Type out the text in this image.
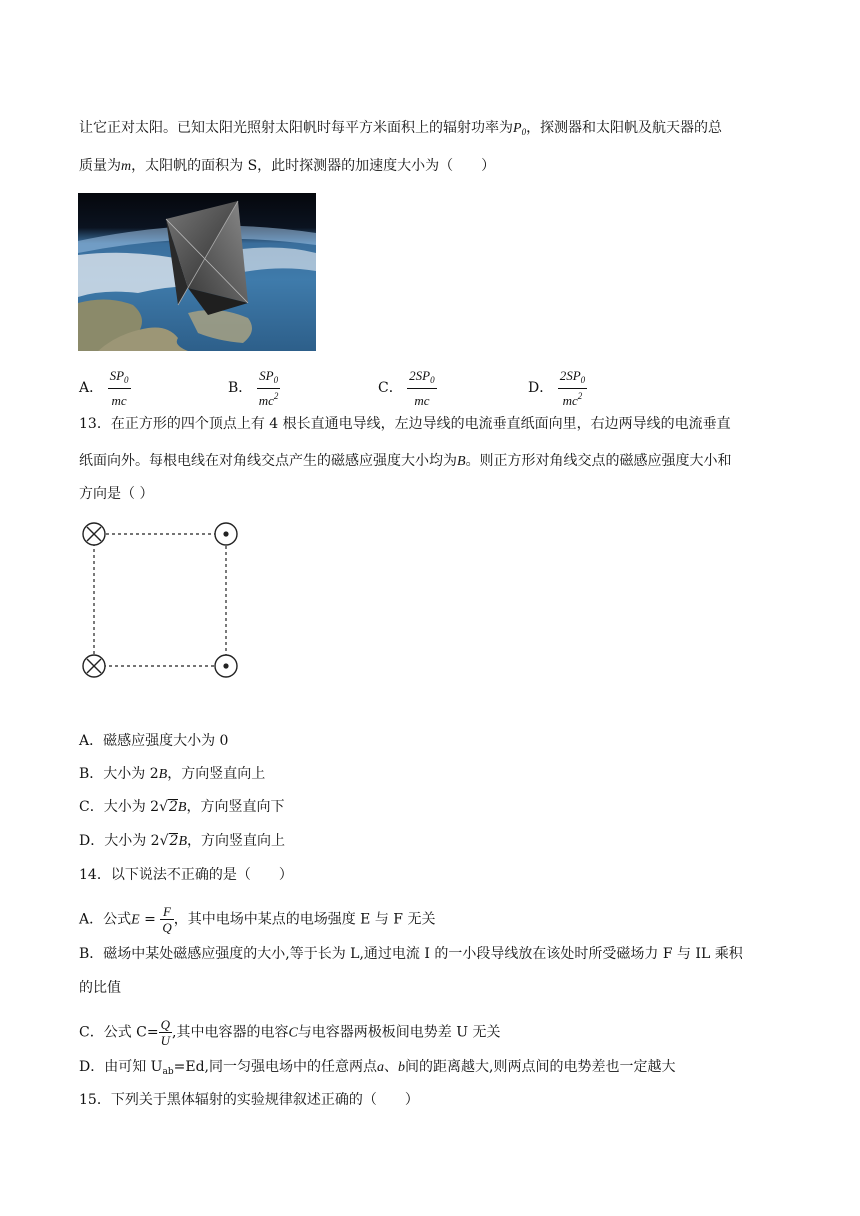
让它正对太阳。已知太阳光照射太阳帆时每平方米面积上的辐射功率为$P_0$，探测器和太阳帆及航天器的总
质量为m，太阳帆的面积为 S，此时探测器的加速度大小为（　　）
A． $\frac{SP_0}{mc}$	B． $\frac{SP_0}{mc^2}$	C． $\frac{2SP_0}{mc}$	D． $\frac{2SP_0}{mc^2}$
13．在正方形的四个顶点上有 4 根长直通电导线，左边导线的电流垂直纸面向里，右边两导线的电流垂直
纸面向外。每根电线在对角线交点产生的磁感应强度大小均为B。则正方形对角线交点的磁感应强度大小和
方向是（ ）
A．磁感应强度大小为 0
B．大小为 2B，方向竖直向上
C．大小为 2√2B，方向竖直向下
D．大小为 2√2B，方向竖直向上
14．以下说法不正确的是（　　）
A．公式$E = \frac{F}{Q}$ ，其中电场中某点的电场强度 E 与 F 无关
B．磁场中某处磁感应强度的大小,等于长为 L,通过电流 I 的一小段导线放在该处时所受磁场力 F 与 IL 乘积
的比值
C．公式 $C= \frac{Q}{U}$ ,其中电容器的电容C与电容器两极板间电势差 U 无关
D．由可知 $U_{ab}=Ed$,同一匀强电场中的任意两点a、b间的距离越大,则两点间的电势差也一定越大
15．下列关于黑体辐射的实验规律叙述正确的（　　）
